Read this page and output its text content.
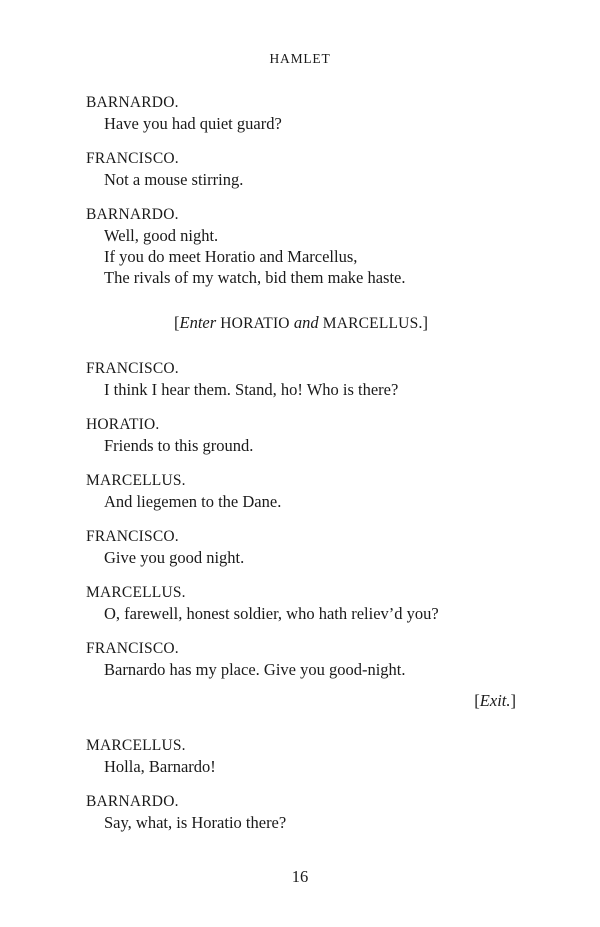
HAMLET
BARNARDO.
Have you had quiet guard?
FRANCISCO.
Not a mouse stirring.
BARNARDO.
Well, good night.
If you do meet Horatio and Marcellus,
The rivals of my watch, bid them make haste.
[Enter HORATIO and MARCELLUS.]
FRANCISCO.
I think I hear them. Stand, ho! Who is there?
HORATIO.
Friends to this ground.
MARCELLUS.
And liegemen to the Dane.
FRANCISCO.
Give you good night.
MARCELLUS.
O, farewell, honest soldier, who hath reliev’d you?
FRANCISCO.
Barnardo has my place. Give you good-night.
[Exit.]
MARCELLUS.
Holla, Barnardo!
BARNARDO.
Say, what, is Horatio there?
16
